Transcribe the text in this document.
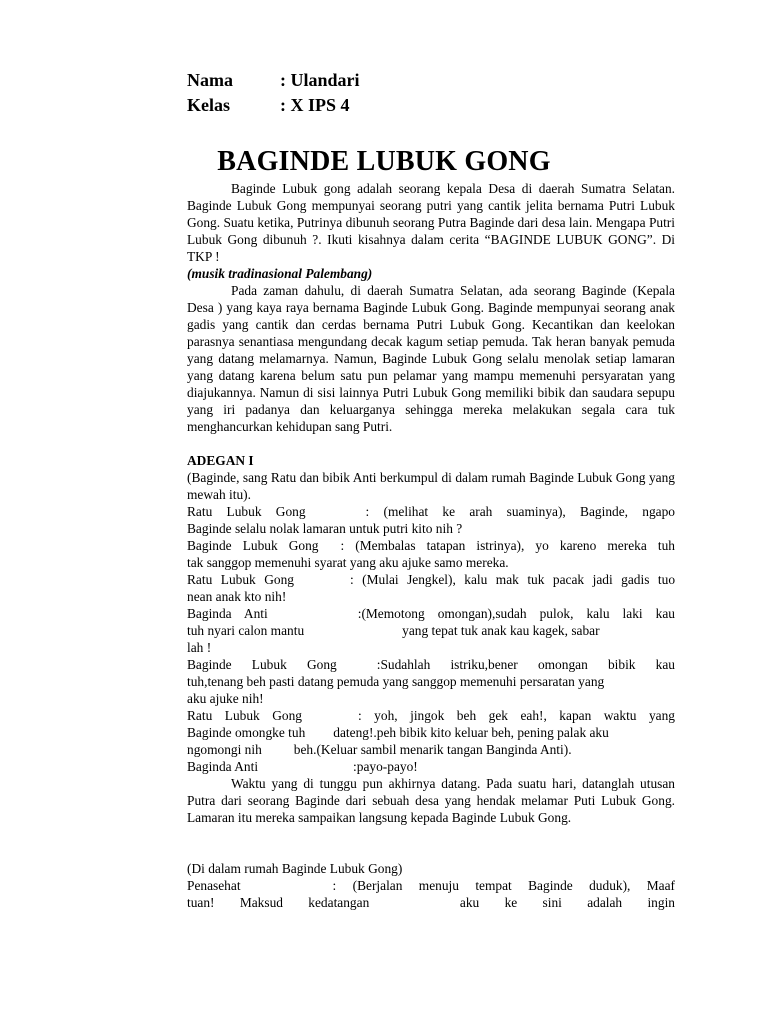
Nama	: Ulandari
Kelas	: X IPS 4
BAGINDE LUBUK GONG

Baginde Lubuk gong adalah seorang kepala Desa di daerah Sumatra Selatan. Baginde Lubuk Gong mempunyai seorang putri yang cantik jelita bernama Putri Lubuk Gong. Suatu ketika, Putrinya dibunuh seorang Putra Baginde dari desa lain. Mengapa Putri Lubuk Gong dibunuh ?. Ikuti kisahnya dalam cerita “BAGINDE LUBUK GONG”. Di TKP !

(musik tradinasional Palembang)

Pada zaman dahulu, di daerah Sumatra Selatan, ada seorang Baginde (Kepala Desa ) yang kaya raya bernama Baginde Lubuk Gong. Baginde mempunyai seorang anak gadis yang cantik dan cerdas bernama Putri Lubuk Gong. Kecantikan dan keelokan parasnya senantiasa mengundang decak kagum setiap pemuda. Tak heran banyak pemuda yang datang melamarnya. Namun, Baginde Lubuk Gong selalu menolak setiap lamaran yang datang karena belum satu pun pelamar yang mampu memenuhi persyaratan yang diajukannya. Namun di sisi lainnya Putri Lubuk Gong memiliki bibik dan saudara sepupu yang iri padanya dan keluarganya sehingga mereka melakukan segala cara tuk menghancurkan kehidupan sang Putri.

ADEGAN I

(Baginde, sang Ratu dan bibik Anti berkumpul di dalam rumah Baginde Lubuk Gong yang mewah itu).

Ratu Lubuk Gong	: (melihat ke arah suaminya), Baginde, ngapo

Baginde selalu nolak lamaran untuk putri kito nih ?

Baginde Lubuk Gong : (Membalas tatapan istrinya), yo kareno mereka tuh

tak sanggop memenuhi syarat yang aku ajuke samo mereka.

Ratu Lubuk Gong	: (Mulai Jengkel), kalu mak tuk pacak jadi gadis tuo

nean anak kto nih!

Baginda Anti	:(Memotong omongan),sudah pulok, kalu laki kau

tuh nyari calon mantu	yang tepat tuk anak kau kagek, sabar

lah !

Baginde Lubuk Gong	:Sudahlah istriku,bener omongan bibik kau

tuh,tenang beh pasti datang pemuda yang sanggop memenuhi persaratan yang

aku ajuke nih!

Ratu Lubuk Gong	: yoh, jingok beh gek eah!, kapan waktu yang

Baginde omongke tuh dateng!.peh bibik kito keluar beh, pening palak aku

ngomongi nih beh.(Keluar sambil menarik tangan Banginda Anti).

Baginda Anti	:payo-payo!

Waktu yang di tunggu pun akhirnya datang. Pada suatu hari, datanglah utusan Putra dari seorang Baginde dari sebuah desa yang hendak melamar Puti Lubuk Gong. Lamaran itu mereka sampaikan langsung kepada Baginde Lubuk Gong.

(Di dalam rumah Baginde Lubuk Gong)

Penasehat	: (Berjalan menuju tempat Baginde duduk), Maaf

tuan! Maksud kedatangan	aku ke sini adalah ingin
